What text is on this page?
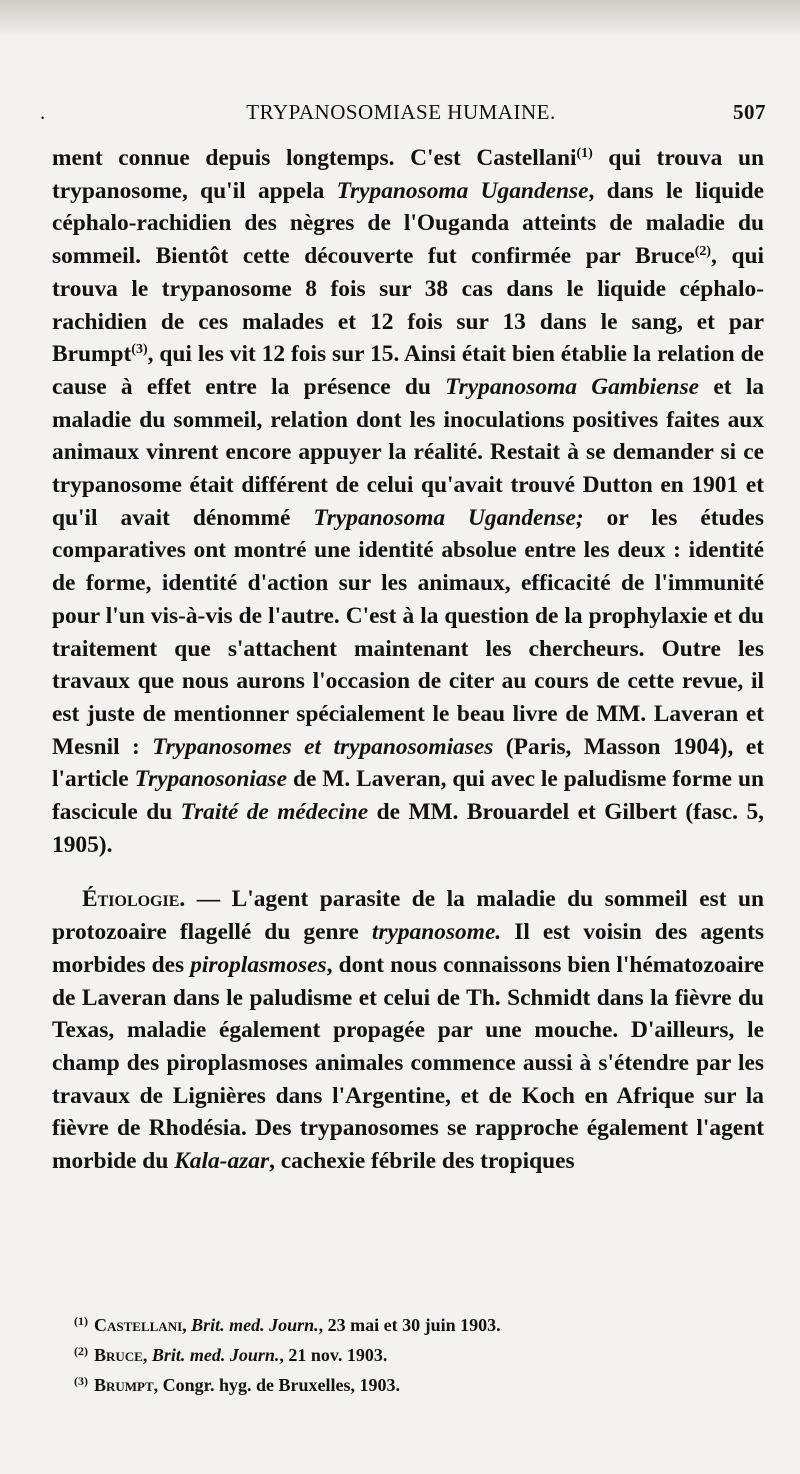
.	TRYPANOSOMIASE HUMAINE.	507

ment connue depuis longtemps. C'est Castellani$^{(1)}$ qui trouva un trypanosome, qu'il appela Trypanosoma Ugandense, dans le liquide céphalo-rachidien des nègres de l'Ouganda atteints de maladie du sommeil. Bientôt cette découverte fut confirmée par Bruce$^{(2)}$, qui trouva le trypanosome 8 fois sur 38 cas dans le liquide céphalo-rachidien de ces malades et 12 fois sur 13 dans le sang, et par Brumpt$^{(3)}$, qui les vit 12 fois sur 15. Ainsi était bien établie la relation de cause à effet entre la présence du Trypanosoma Gambiense et la maladie du sommeil, relation dont les inoculations positives faites aux animaux vinrent encore appuyer la réalité. Restait à se demander si ce trypanosome était différent de celui qu'avait trouvé Dutton en 1901 et qu'il avait dénommé Trypanosoma Ugandense; or les études comparatives ont montré une identité absolue entre les deux : identité de forme, identité d'action sur les animaux, efficacité de l'immunité pour l'un vis-à-vis de l'autre. C'est à la question de la prophylaxie et du traitement que s'attachent maintenant les chercheurs. Outre les travaux que nous aurons l'occasion de citer au cours de cette revue, il est juste de mentionner spécialement le beau livre de MM. Laveran et Mesnil : Trypanosomes et trypanosomiases (Paris, Masson 1904), et l'article Trypanosoniase de M. Laveran, qui avec le paludisme forme un fascicule du Traité de médecine de MM. Brouardel et Gilbert (fasc. 5, 1905).

Étiologie. — L'agent parasite de la maladie du sommeil est un protozoaire flagellé du genre trypanosome. Il est voisin des agents morbides des piroplasmoses, dont nous connaissons bien l'hématozoaire de Laveran dans le paludisme et celui de Th. Schmidt dans la fièvre du Texas, maladie également propagée par une mouche. D'ailleurs, le champ des piroplasmoses animales commence aussi à s'étendre par les travaux de Lignières dans l'Argentine, et de Koch en Afrique sur la fièvre de Rhodésia. Des trypanosomes se rapproche également l'agent morbide du Kala-azar, cachexie fébrile des tropiques

$^{(1)}$ Castellani, Brit. med. Journ., 23 mai et 30 juin 1903.

$^{(2)}$ Bruce, Brit. med. Journ., 21 nov. 1903.

$^{(3)}$ Brumpt, Congr. hyg. de Bruxelles, 1903.
